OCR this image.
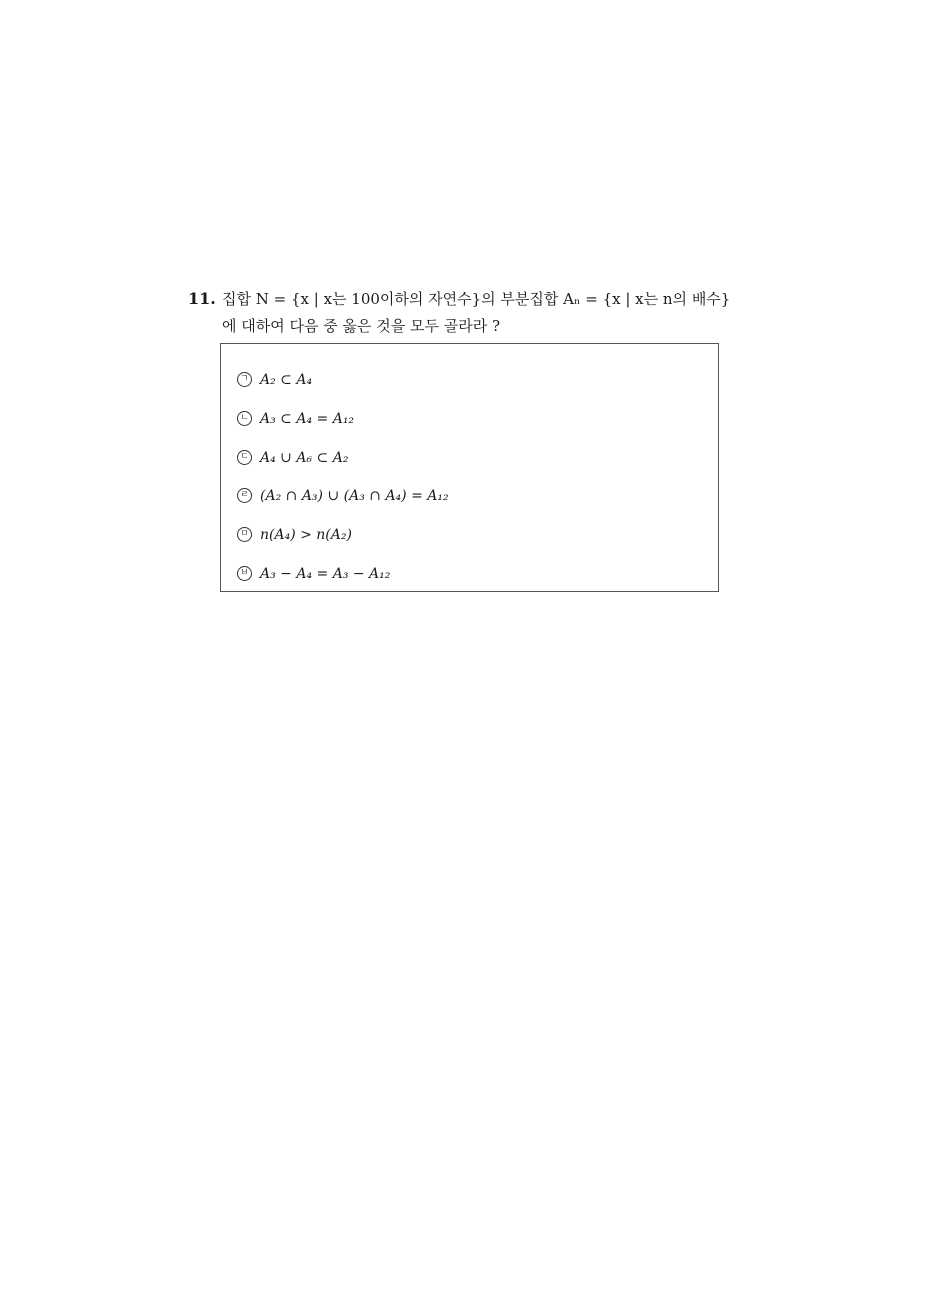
11. 집합 N = {x | x는 100이하의 자연수}의 부분집합 Aₙ = {x | x는 n의 배수}
에 대하여 다음 중 옳은 것을 모두 골라라 ?
ㄱ A₂ ⊂ A₄
ㄴ A₃ ⊂ A₄ = A₁₂
ㄷ A₄ ∪ A₆ ⊂ A₂
ㄹ (A₂ ∩ A₃) ∪ (A₃ ∩ A₄) = A₁₂
ㅁ n(A₄) > n(A₂)
ㅂ A₃ − A₄ = A₃ − A₁₂
